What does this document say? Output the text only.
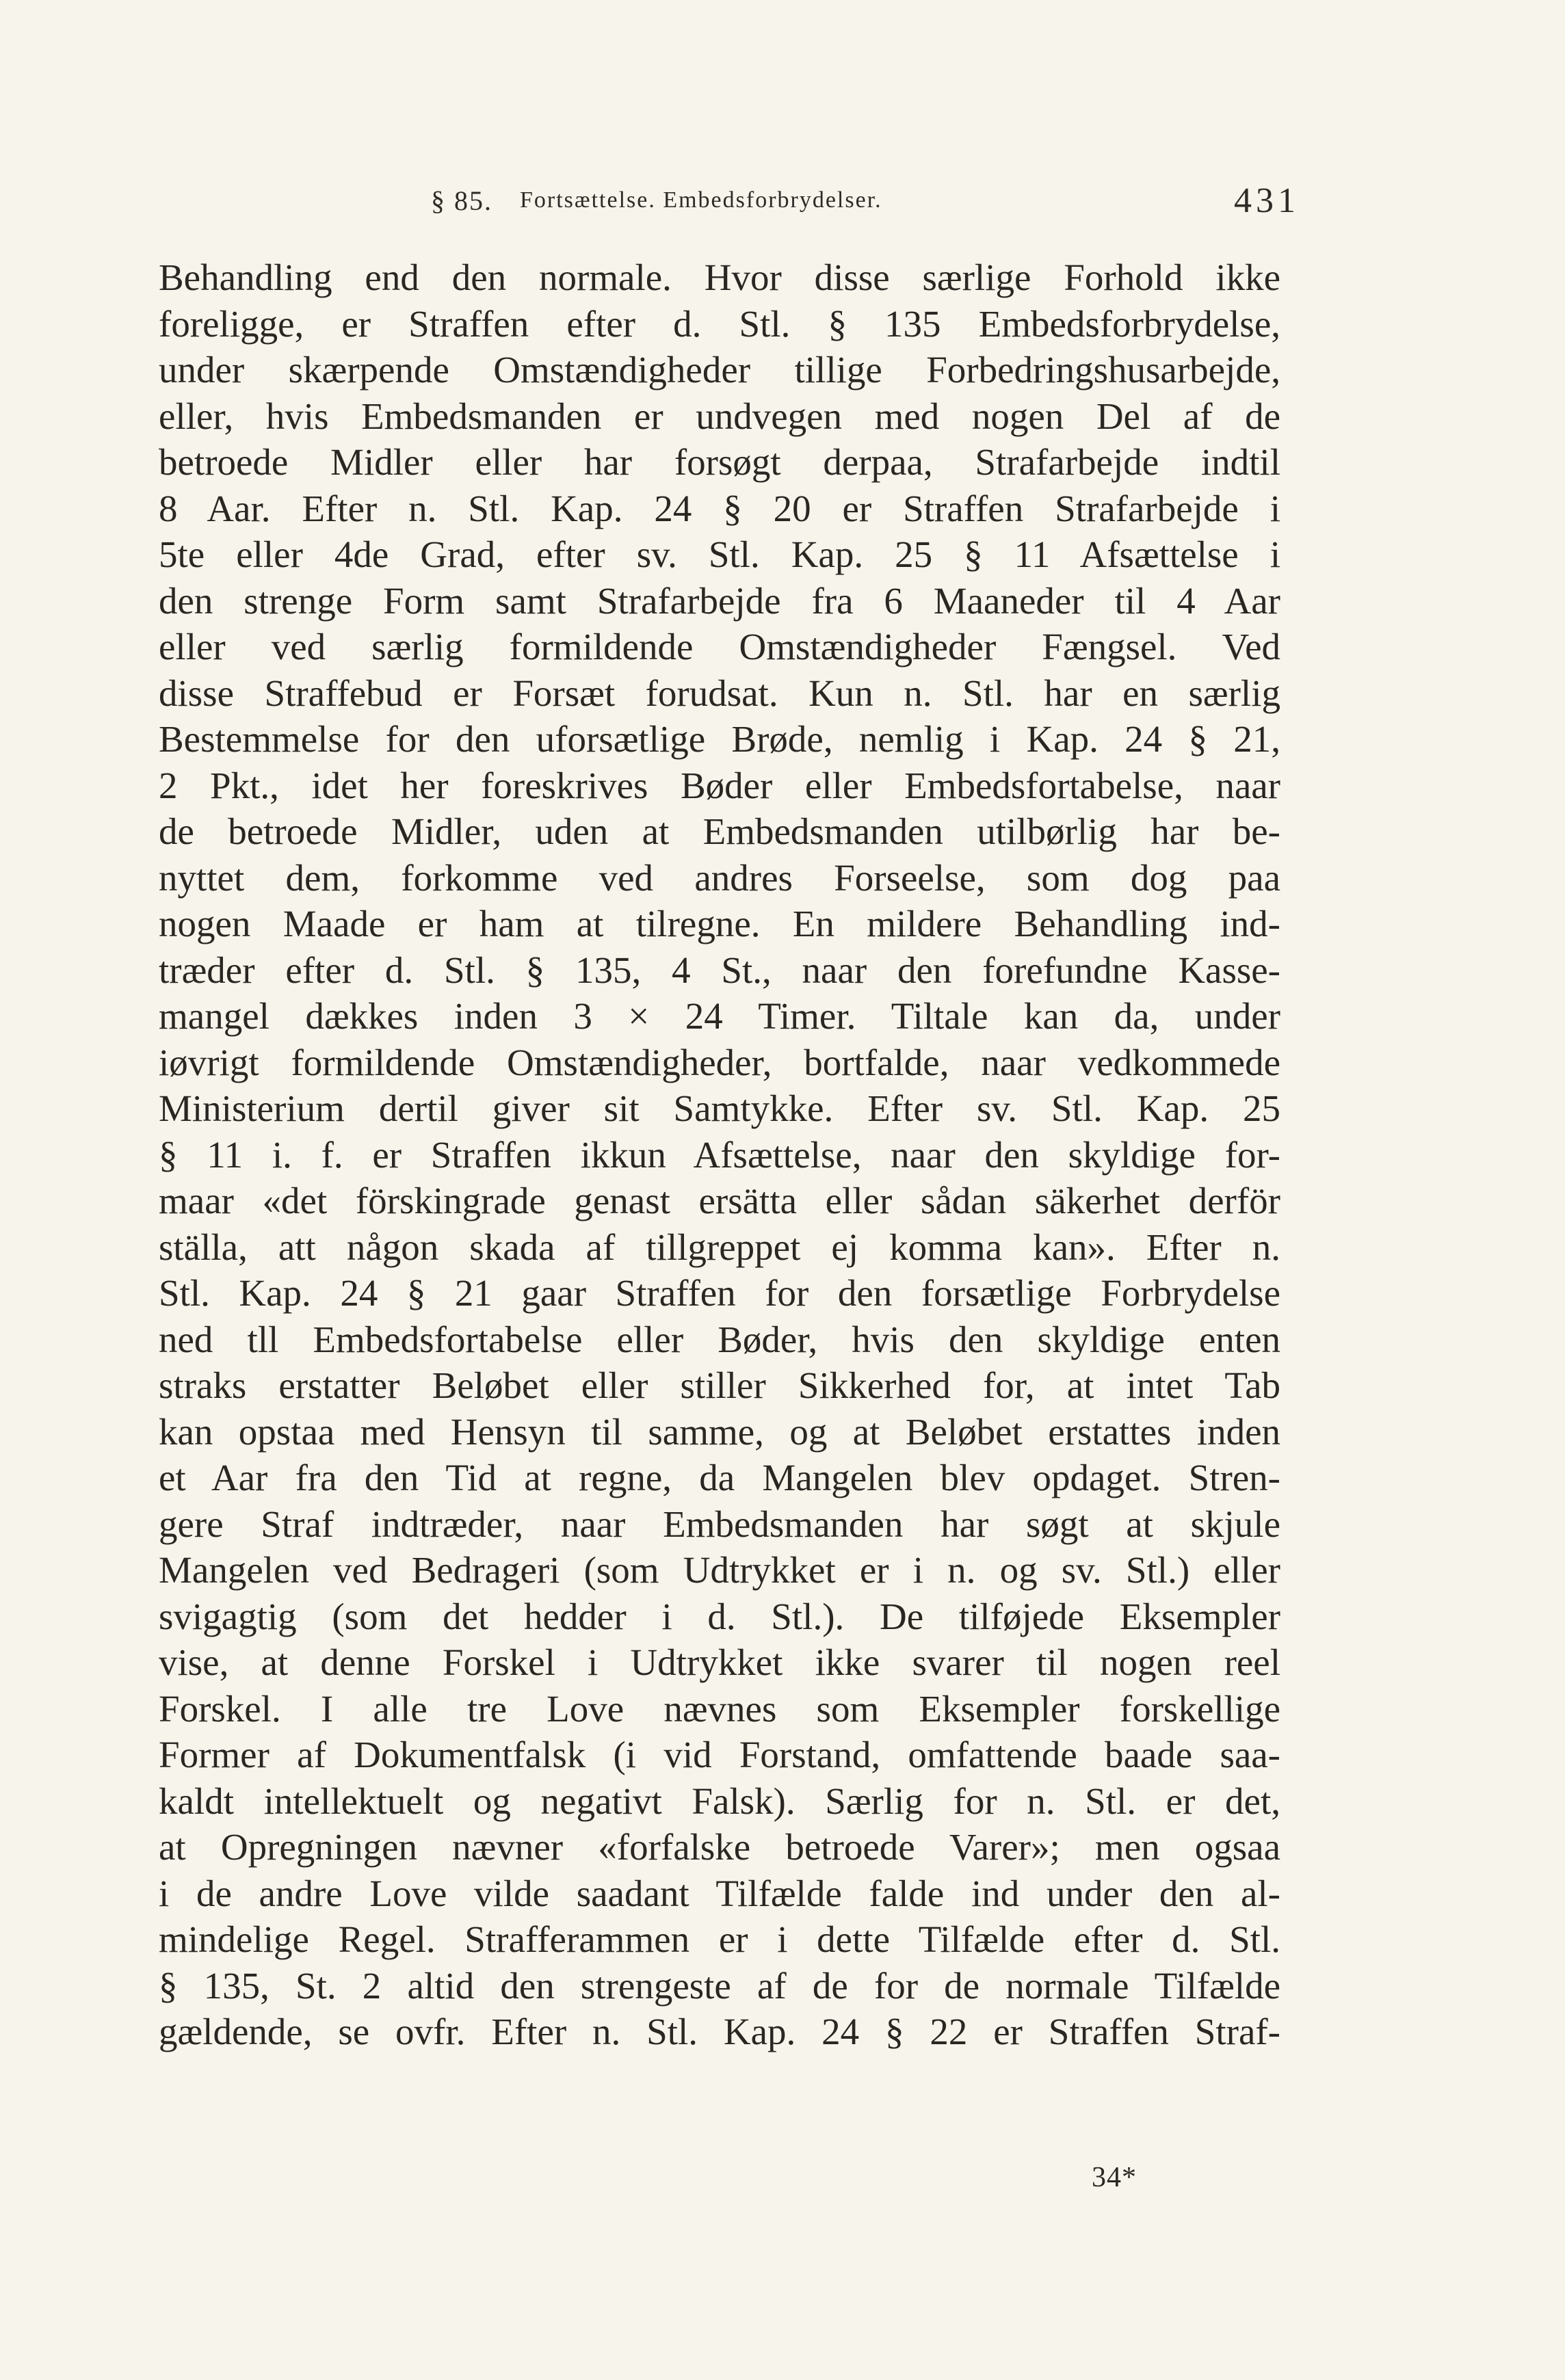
§ 85. Fortsættelse. Embedsforbrydelser.	431
Behandling end den normale. Hvor disse særlige Forhold ikke
foreligge, er Straffen efter d. Stl. § 135 Embedsforbrydelse,
under skærpende Omstændigheder tillige Forbedringshusarbejde,
eller, hvis Embedsmanden er undvegen med nogen Del af de
betroede Midler eller har forsøgt derpaa, Strafarbejde indtil
8 Aar. Efter n. Stl. Kap. 24 § 20 er Straffen Strafarbejde i
5te eller 4de Grad, efter sv. Stl. Kap. 25 § 11 Afsættelse i
den strenge Form samt Strafarbejde fra 6 Maaneder til 4 Aar
eller ved særlig formildende Omstændigheder Fængsel. Ved
disse Straffebud er Forsæt forudsat. Kun n. Stl. har en særlig
Bestemmelse for den uforsætlige Brøde, nemlig i Kap. 24 § 21,
2 Pkt., idet her foreskrives Bøder eller Embedsfortabelse, naar
de betroede Midler, uden at Embedsmanden utilbørlig har be-
nyttet dem, forkomme ved andres Forseelse, som dog paa
nogen Maade er ham at tilregne. En mildere Behandling ind-
træder efter d. Stl. § 135, 4 St., naar den forefundne Kasse-
mangel dækkes inden 3 × 24 Timer. Tiltale kan da, under
iøvrigt formildende Omstændigheder, bortfalde, naar vedkommede
Ministerium dertil giver sit Samtykke. Efter sv. Stl. Kap. 25
§ 11 i. f. er Straffen ikkun Afsættelse, naar den skyldige for-
maar «det förskingrade genast ersätta eller sådan säkerhet derför
ställa, att någon skada af tillgreppet ej komma kan». Efter n.
Stl. Kap. 24 § 21 gaar Straffen for den forsætlige Forbrydelse
ned tll Embedsfortabelse eller Bøder, hvis den skyldige enten
straks erstatter Beløbet eller stiller Sikkerhed for, at intet Tab
kan opstaa med Hensyn til samme, og at Beløbet erstattes inden
et Aar fra den Tid at regne, da Mangelen blev opdaget. Stren-
gere Straf indtræder, naar Embedsmanden har søgt at skjule
Mangelen ved Bedrageri (som Udtrykket er i n. og sv. Stl.) eller
svigagtig (som det hedder i d. Stl.). De tilføjede Eksempler
vise, at denne Forskel i Udtrykket ikke svarer til nogen reel
Forskel. I alle tre Love nævnes som Eksempler forskellige
Former af Dokumentfalsk (i vid Forstand, omfattende baade saa-
kaldt intellektuelt og negativt Falsk). Særlig for n. Stl. er det,
at Opregningen nævner «forfalske betroede Varer»; men ogsaa
i de andre Love vilde saadant Tilfælde falde ind under den al-
mindelige Regel. Strafferammen er i dette Tilfælde efter d. Stl.
§ 135, St. 2 altid den strengeste af de for de normale Tilfælde
gældende, se ovfr. Efter n. Stl. Kap. 24 § 22 er Straffen Straf-
34*
